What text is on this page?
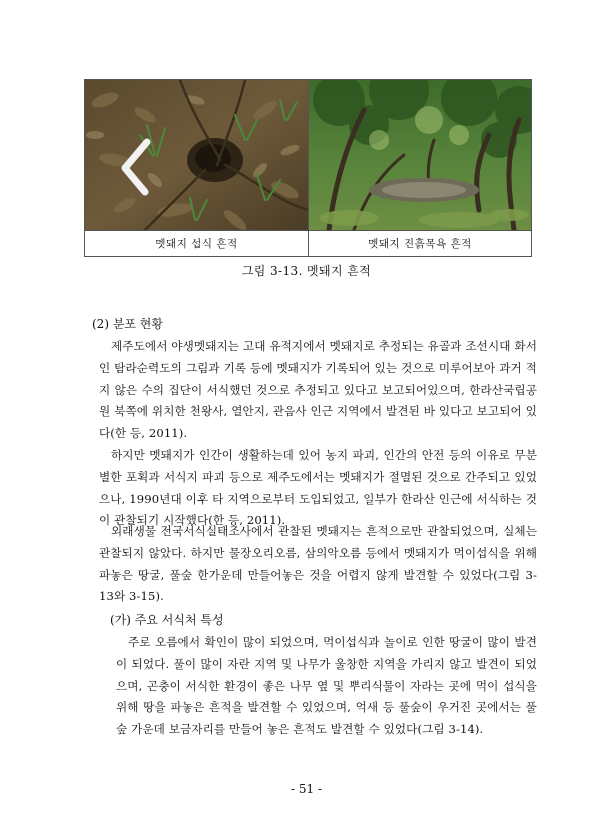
멧돼지 섭식 흔적	멧돼지 진흙목욕 흔적
그림 3-13. 멧돼지 흔적
(2) 분포 현황

제주도에서 야생멧돼지는 고대 유적지에서 멧돼지로 추정되는 유골과 조선시대 화서인 탐라순력도의 그림과 기록 등에 멧돼지가 기록되어 있는 것으로 미루어보아 과거 적지 않은 수의 집단이 서식했던 것으로 추정되고 있다고 보고되어있으며, 한라산국립공원 북쪽에 위치한 천왕사, 열안지, 관음사 인근 지역에서 발견된 바 있다고 보고되어 있다(한 등, 2011).

하지만 멧돼지가 인간이 생활하는데 있어 농지 파괴, 인간의 안전 등의 이유로 무분별한 포획과 서식지 파괴 등으로 제주도에서는 멧돼지가 절멸된 것으로 간주되고 있었으나, 1990년대 이후 타 지역으로부터 도입되었고, 일부가 한라산 인근에 서식하는 것이 관찰되기 시작했다(한 등, 2011).

외래생물 전국서식실태조사에서 관찰된 멧돼지는 흔적으로만 관찰되었으며, 실체는 관찰되지 않았다. 하지만 물장오리오름, 삼의악오름 등에서 멧돼지가 먹이섭식을 위해 파놓은 땅굴, 풀숲 한가운데 만들어놓은 것을 어렵지 않게 발견할 수 있었다(그림 3-13와 3-15).

(가) 주요 서식처 특성

주로 오름에서 확인이 많이 되었으며, 먹이섭식과 놀이로 인한 땅굴이 많이 발견이 되었다. 풀이 많이 자란 지역 및 나무가 울창한 지역을 가리지 않고 발견이 되었으며, 곤충이 서식한 환경이 좋은 나무 옆 및 뿌리식물이 자라는 곳에 먹이 섭식을 위해 땅을 파놓은 흔적을 발견할 수 있었으며, 억새 등 풀숲이 우거진 곳에서는 풀숲 가운데 보금자리를 만들어 놓은 흔적도 발견할 수 있었다(그림 3-14).

- 51 -
